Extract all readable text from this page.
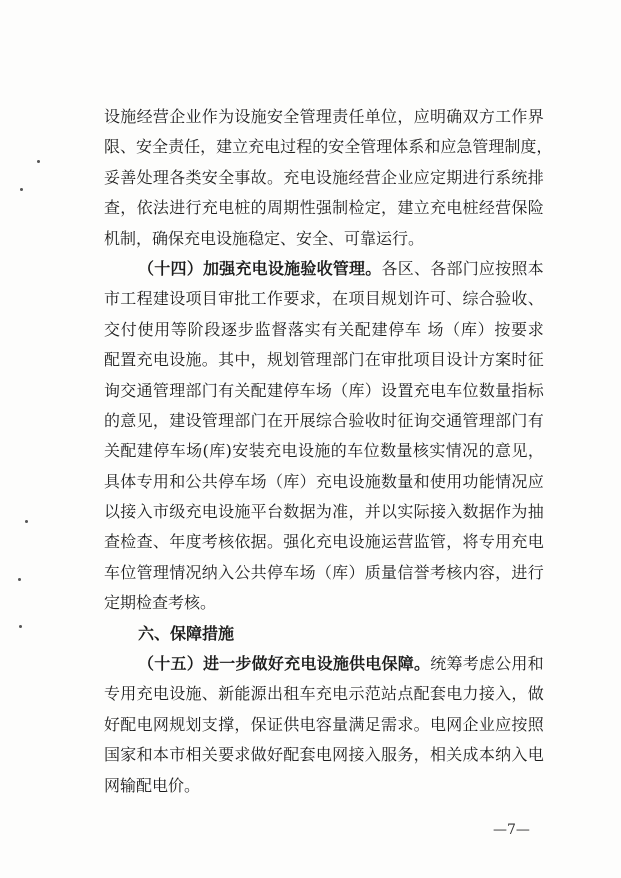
设 施 经 营 企 业 作 为 设 施 安 全 管 理 责 任 单 位 ， 应 明 确 双 方 工 作 界
限 、 安 全 责 任 ， 建 立 充 电 过 程 的 安 全 管 理 体 系 和 应 急 管 理 制 度 ，
妥 善 处 理 各 类 安 全 事 故 。 充 电 设 施 经 营 企 业 应 定 期 进 行 系 统 排
查 ， 依 法 进 行 充 电 桩 的 周 期 性 强 制 检 定 ， 建 立 充 电 桩 经 营 保 险
机制，确保充电设施稳定、安全、可靠运行。
（ 十 四 ） 加 强 充 电 设 施 验 收 管 理 。 各 区 、 各 部 门 应 按 照 本
市 工 程 建 设 项 目 审 批 工 作 要 求 ， 在 项 目 规 划 许 可 、 综 合 验 收 、
交 付 使 用 等 阶 段 逐 步 监 督 落 实 有 关 配 建 停 车
场 （ 库 ） 按 要 求
配 置 充 电 设 施 。 其 中 ， 规 划 管 理 部 门 在 审 批 项 目 设 计 方 案 时 征
询 交 通 管 理 部 门 有 关 配 建 停 车 场 （ 库 ） 设 置 充 电 车 位 数 量 指 标
的 意 见 ， 建 设 管 理 部 门 在 开 展 综 合 验 收 时 征 询 交 通 管 理 部 门 有
关 配 建 停 车 场 ( 库 ) 安 装 充 电 设 施 的 车 位 数 量 核 实 情 况 的 意 见 ，
具 体 专 用 和 公 共 停 车 场 （ 库 ） 充 电 设 施 数 量 和 使 用 功 能 情 况 应
以 接 入 市 级 充 电 设 施 平 台 数 据 为 准 ， 并 以 实 际 接 入 数 据 作 为 抽
查 检 查 、 年 度 考 核 依 据 。 强 化 充 电 设 施 运 营 监 管 ， 将 专 用 充 电
车 位 管 理 情 况 纳 入 公 共 停 车 场 （ 库 ） 质 量 信 誉 考 核 内 容 ， 进 行
定期检查考核。
六、保障措施
（ 十 五 ） 进 一 步 做 好 充 电 设 施 供 电 保 障 。 统 筹 考 虑 公 用 和
专 用 充 电 设 施 、 新 能 源 出 租 车 充 电 示 范 站 点 配 套 电 力 接 入 ， 做
好 配 电 网 规 划 支 撑 ， 保 证 供 电 容 量 满 足 需 求 。 电 网 企 业 应 按 照
国 家 和 本 市 相 关 要 求 做 好 配 套 电 网 接 入 服 务 ， 相 关 成 本 纳 入 电
网输配电价。
—7—
